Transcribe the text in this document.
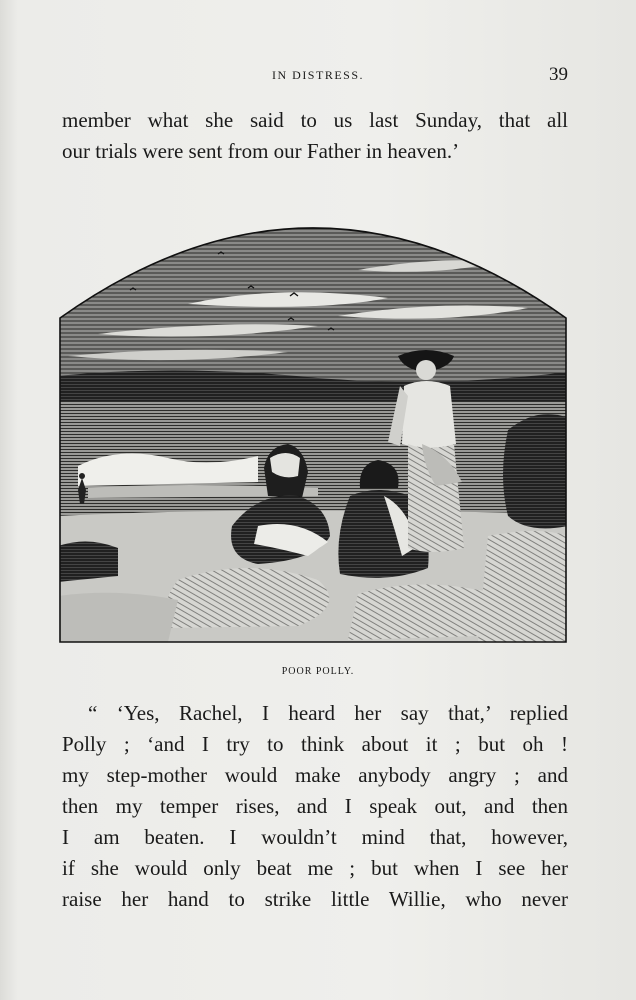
IN DISTRESS.	39
member what she said to us last Sunday, that all
our trials were sent from our Father in heaven.’
POOR POLLY.
“ ‘Yes, Rachel, I heard her say that,’ replied
Polly ; ‘and I try to think about it ; but oh !
my step-mother would make anybody angry ; and
then my temper rises, and I speak out, and then
I am beaten. I wouldn’t mind that, however,
if she would only beat me ; but when I see her
raise her hand to strike little Willie, who never
